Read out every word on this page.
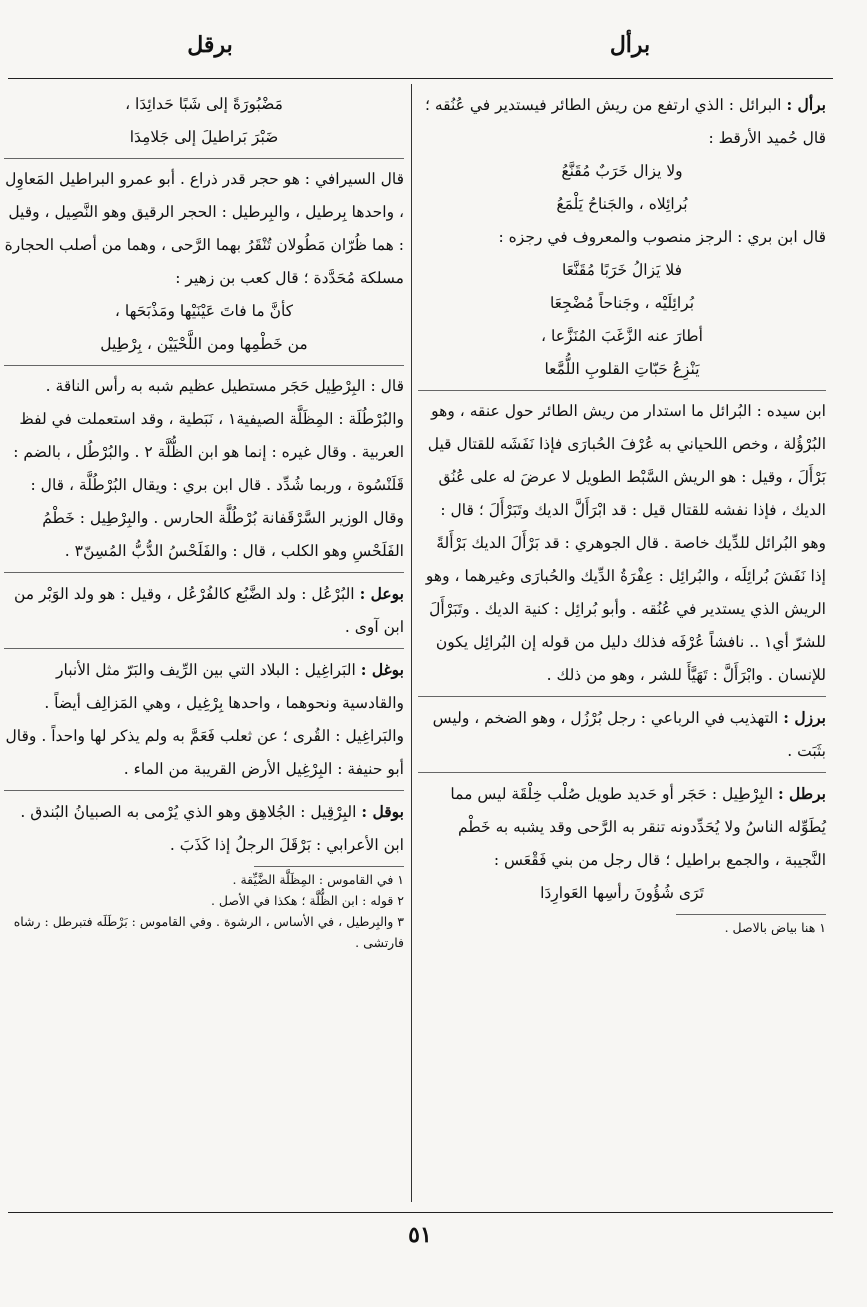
برأل
برقل

برأل : البرائل : الذي ارتفع من ريش الطائر فيستدير في عُنُقه ؛ قال حُميد الأرقط :

ولا يزال خَرَبٌ مُقَنَّعُ
بُرائِلاه ، والجَناحُ يَلْمَعُ

قال ابن بري : الرجز منصوب والمعروف في رجزه :

فلا يَزالُ خَرَبًا مُقَنَّعَا
بُرائِلَيْه ، وجَناحاً مُضْجِعَا
أطارَ عنه الزَّغَبَ المُنَزَّعا ،
يَنْزِعُ حَبّاتِ القلوبِ اللُّمَّعا

ابن سيده : البُرائل ما استدار من ريش الطائر حول عنقه ، وهو البُرْؤُلة ، وخص اللحياني به عُرْفَ الحُبارَى فإذا نَفَشَه للقتال قيل بَرْأَلَ ، وقيل : هو الريش السَّبْط الطويل لا عرضَ له على عُنُق الديك ، فإذا نفشه للقتال قيل : قد ابْرَأَلَّ الديك وتَبَرْأَلَ ؛ قال : وهو البُرائل للدِّيك خاصة . قال الجوهري : قد بَرْأَلَ الديك بَرْأَلةً إذا نَفَشَ بُرائِلَه ، والبُرائِل : عِفْرَةُ الدِّيك والحُبارَى وغيرهما ، وهو الريش الذي يستدير في عُنُقه . وأبو بُرائِل : كنية الديك . وتَبَرْأَلَ للشرّ أي١ .. نافشاً عُرْفَه فذلك دليل من قوله إن البُرائِل يكون للإنسان . وابْرَأَلَّ : تَهَيَّأَ للشر ، وهو من ذلك .

برزل : التهذيب في الرباعي : رجل بُرْزُل ، وهو الضخم ، وليس بثَبَت .

برطل : البِرْطِيل : حَجَر أو حَديد طويل صُلْب خِلْقَة ليس مما يُطَوِّله الناسُ ولا يُحَدِّدونه تنقر به الرَّحى وقد يشبه به خَطْم النَّجيبة ، والجمع براطيل ؛ قال رجل من بني فَقْعَس :

تَرَى شُؤُونَ رأسِها العَوارِدَا

١ هنا بياض بالاصل .

مَضْبُورَةً إلى شَبًا حَدائِدَا ،
ضَبْرَ بَراطيلَ إلى جَلامِدَا

قال السيرافي : هو حجر قدر ذراع . أبو عمرو البراطيل المَعاوِل ، واحدها بِرطيل ، والبِرطيل : الحجر الرقيق وهو النَّصِيل ، وقيل : هما ظُرّان مَطُولان تُنْقَرُ بهما الرَّحى ، وهما من أصلب الحجارة مسلكة مُحَدَّدة ؛ قال كعب بن زهير :

كأنَّ ما فاتَ عَيْنَيْها ومَذْبَحَها ،
من خَطْمِها ومن اللَّحْيَيْن ، بِرْطِيل

قال : البِرْطِيل حَجَر مستطيل عظيم شبه به رأس الناقة . والبُرْطُلَة : المِظَلَّة الصيفية١ ، نَبَطية ، وقد استعملت في لفظ العربية . وقال غيره : إنما هو ابن الظُّلَّة ٢ . والبُرْطُل ، بالضم : قَلَنْسُوة ، وربما شُدِّد . قال ابن بري : ويقال البُرْطُلَّة ، قال : وقال الوزير السَّرْقَفانة بُرْطُلَّة الحارس . والبِرْطِيل : خَطْمُ الفَلَحْسِ وهو الكلب ، قال : والفَلَحْسُ الدُّبُّ المُسِنّ٣ .

بوعل : البُرْعُل : ولد الضَّبُع كالفُرْعُل ، وقيل : هو ولد الوَبْر من ابن آوى .

بوغل : البَراغِيل : البلاد التي بين الرِّيف والبَرّ مثل الأنبار والقادسية ونحوهما ، واحدها بِرْغِيل ، وهي المَزالِف أيضاً . والبَراغِيل : القُرى ؛ عن ثعلب فَعَمَّ به ولم يذكر لها واحداً . وقال أبو حنيفة : البِرْغِيل الأرض القريبة من الماء .

بوقل : البِرْقِيل : الجُلاهِق وهو الذي يُرْمى به الصبيانُ البُندق . ابن الأعرابي : بَرْقَلَ الرجلُ إذا كَذَبَ .

١ في القاموس : المِظَلَّة الضَّيِّقة .

٢ قوله : ابن الظُّلَّة ؛ هكذا في الأصل .

٣ والبِرطيل ، في الأساس ، الرشوة . وفي القاموس : بَرْطَلَه فتبرطل : رشاه فارتشى .

٥١
